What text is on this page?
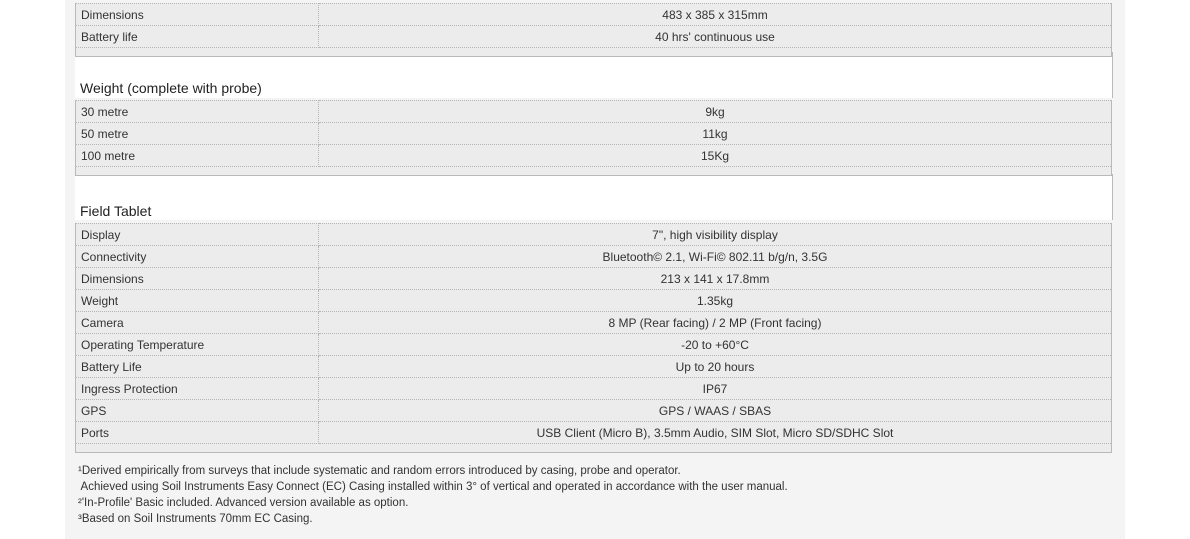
Dimensions	483 x 385 x 315mm
Battery life	40 hrs' continuous use

Weight (complete with probe)
30 metre	9kg
50 metre	11kg
100 metre	15Kg

Field Tablet
Display	7", high visibility display
Connectivity	Bluetooth© 2.1, Wi-Fi© 802.11 b/g/n, 3.5G
Dimensions	213 x 141 x 17.8mm
Weight	1.35kg
Camera	8 MP (Rear facing) / 2 MP (Front facing)
Operating Temperature	-20 to +60°C
Battery Life	Up to 20 hours
Ingress Protection	IP67
GPS	GPS / WAAS / SBAS
Ports	USB Client (Micro B), 3.5mm Audio, SIM Slot, Micro SD/SDHC Slot

¹Derived empirically from surveys that include systematic and random errors introduced by casing, probe and operator.
Achieved using Soil Instruments Easy Connect (EC) Casing installed within 3° of vertical and operated in accordance with the user manual.
²'In-Profile' Basic included. Advanced version available as option.
³Based on Soil Instruments 70mm EC Casing.
